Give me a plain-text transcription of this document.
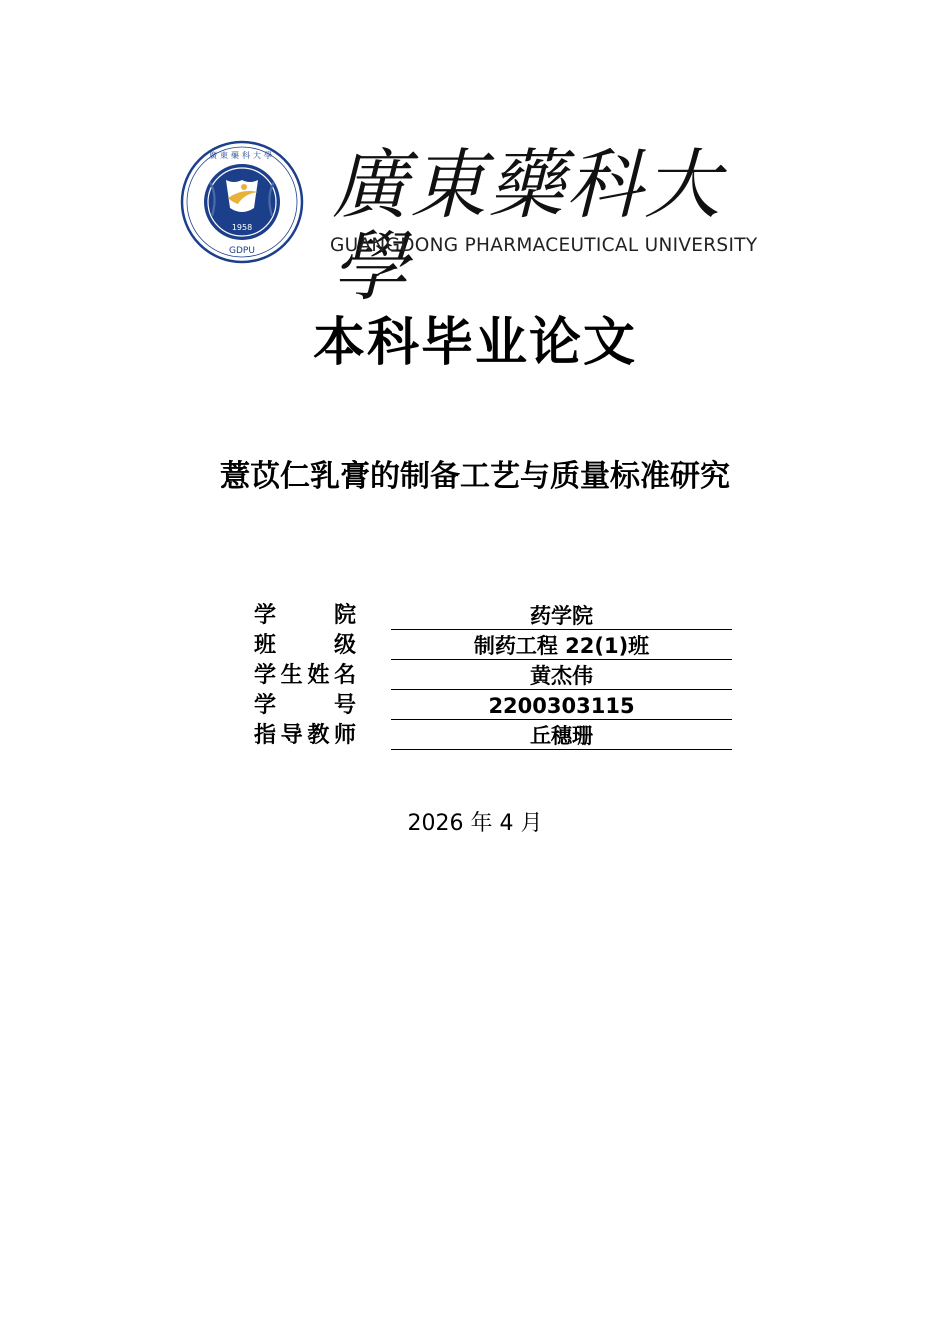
1958
GDPU
廣東藥科大學 廣東藥科大學
GUANGDONG PHARMACEUTICAL UNIVERSITY
本科毕业论文
薏苡仁乳膏的制备工艺与质量标准研究
学院	药学院
班级	制药工程 22(1)班
学生姓名	黄杰伟
学号	2200303115
指导教师	丘穗珊
2026 年 4 月
